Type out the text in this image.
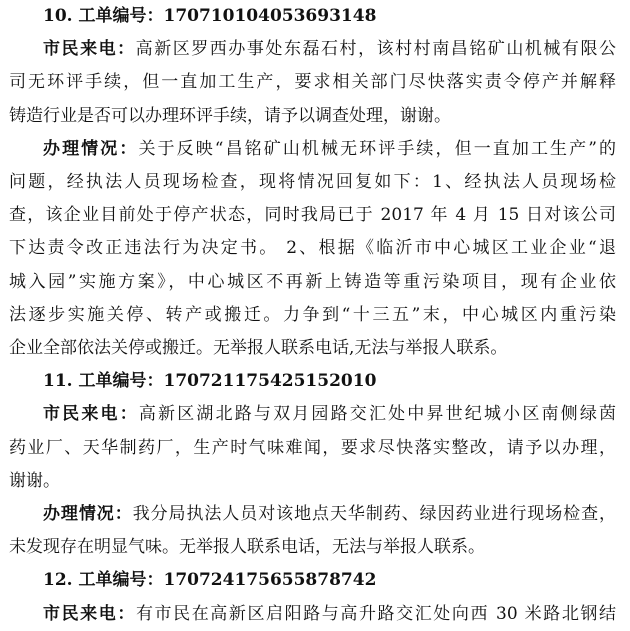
10. 工单编号：170710104053693148
市民来电：高新区罗西办事处东磊石村，该村村南昌铭矿山机械有限公
司无环评手续，但一直加工生产，要求相关部门尽快落实责令停产并解释
铸造行业是否可以办理环评手续，请予以调查处理，谢谢。
办理情况：关于反映“昌铭矿山机械无环评手续，但一直加工生产”的
问题，经执法人员现场检查，现将情况回复如下：1、经执法人员现场检
查，该企业目前处于停产状态，同时我局已于 2017 年 4 月 15 日对该公司
下达责令改正违法行为决定书。 2、根据《临沂市中心城区工业企业“退
城入园”实施方案》，中心城区不再新上铸造等重污染项目，现有企业依
法逐步实施关停、转产或搬迁。力争到“十三五”末，中心城区内重污染
企业全部依法关停或搬迁。无举报人联系电话,无法与举报人联系。
11. 工单编号：170721175425152010
市民来电：高新区湖北路与双月园路交汇处中昇世纪城小区南侧绿茵
药业厂、天华制药厂，生产时气味难闻，要求尽快落实整改，请予以办理，
谢谢。
办理情况：我分局执法人员对该地点天华制药、绿因药业进行现场检查，
未发现存在明显气味。无举报人联系电话，无法与举报人联系。
12. 工单编号：170724175655878742
市民来电：有市民在高新区启阳路与高升路交汇处向西 30 米路北钢结
